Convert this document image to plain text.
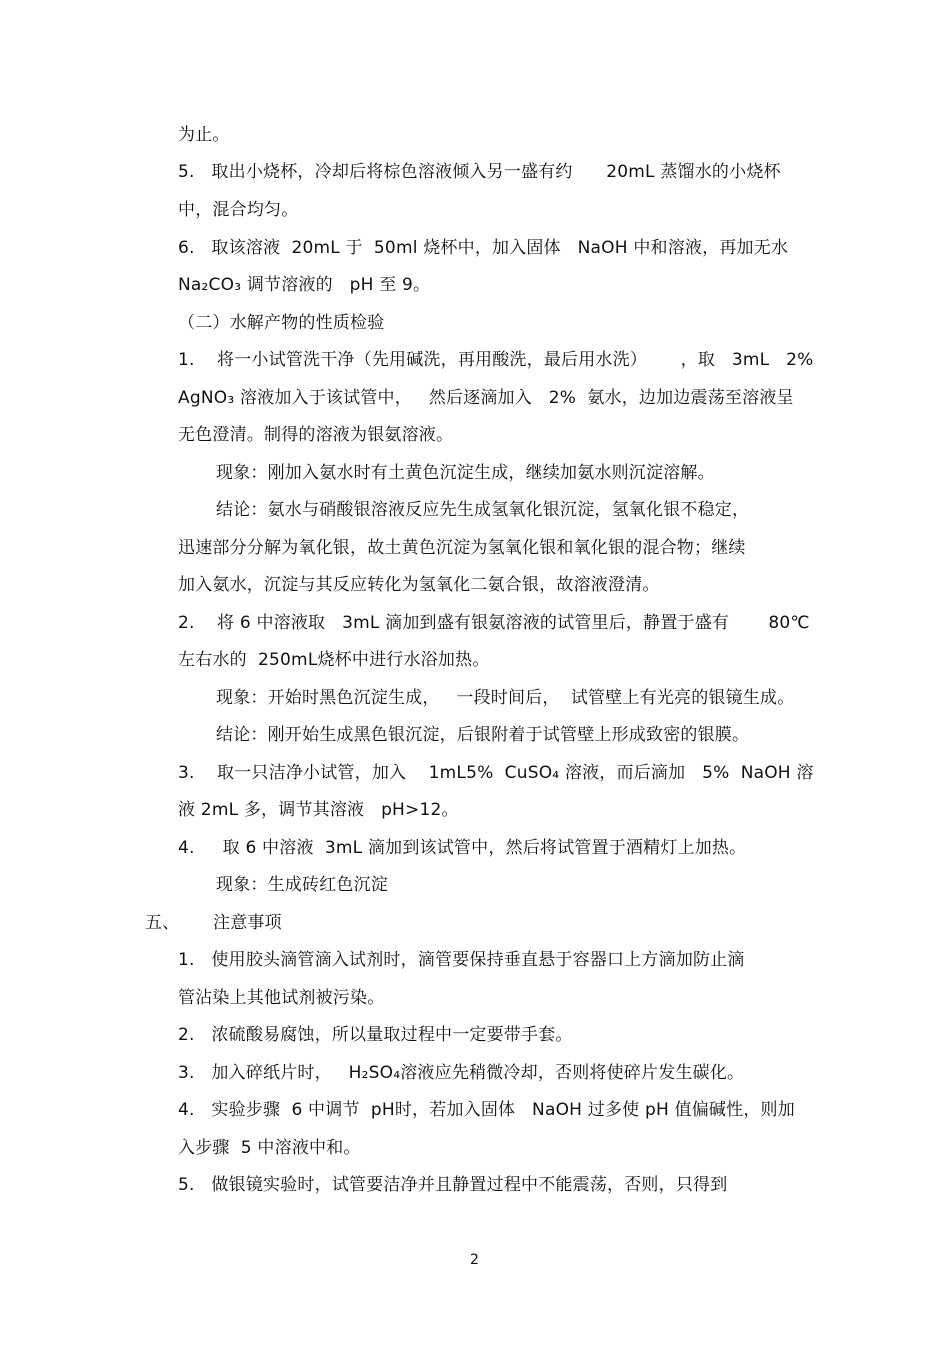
为止。
5.   取出小烧杯，冷却后将棕色溶液倾入另一盛有约      20mL 蒸馏水的小烧杯
中，混合均匀。
6.   取该溶液  20mL 于  50ml 烧杯中，加入固体   NaOH 中和溶液，再加无水
Na₂CO₃ 调节溶液的   pH 至 9。
（二）水解产物的性质检验
1.    将一小试管洗干净（先用碱洗，再用酸洗，最后用水洗）      ，取   3mL   2%
AgNO₃ 溶液加入于该试管中，   然后逐滴加入   2%  氨水，边加边震荡至溶液呈
无色澄清。制得的溶液为银氨溶液。
现象：刚加入氨水时有土黄色沉淀生成，继续加氨水则沉淀溶解。
结论：氨水与硝酸银溶液反应先生成氢氧化银沉淀，氢氧化银不稳定，
迅速部分分解为氧化银，故土黄色沉淀为氢氧化银和氧化银的混合物；继续
加入氨水，沉淀与其反应转化为氢氧化二氨合银，故溶液澄清。
2.    将 6 中溶液取   3mL 滴加到盛有银氨溶液的试管里后，静置于盛有       80℃
左右水的  250mL烧杯中进行水浴加热。
现象：开始时黑色沉淀生成，   一段时间后，  试管壁上有光亮的银镜生成。
结论：刚开始生成黑色银沉淀，后银附着于试管壁上形成致密的银膜。
3.    取一只洁净小试管，加入    1mL5%  CuSO₄ 溶液，而后滴加   5%  NaOH 溶
液 2mL 多，调节其溶液   pH>12。
4.     取 6 中溶液  3mL 滴加到该试管中，然后将试管置于酒精灯上加热。
现象：生成砖红色沉淀
五、      注意事项
1.   使用胶头滴管滴入试剂时，滴管要保持垂直悬于容器口上方滴加防止滴
管沾染上其他试剂被污染。
2.   浓硫酸易腐蚀，所以量取过程中一定要带手套。
3.   加入碎纸片时，   H₂SO₄溶液应先稍微冷却，否则将使碎片发生碳化。
4.   实验步骤  6 中调节  pH时，若加入固体   NaOH 过多使 pH 值偏碱性，则加
入步骤  5 中溶液中和。
5.   做银镜实验时，试管要洁净并且静置过程中不能震荡，否则，只得到
2
